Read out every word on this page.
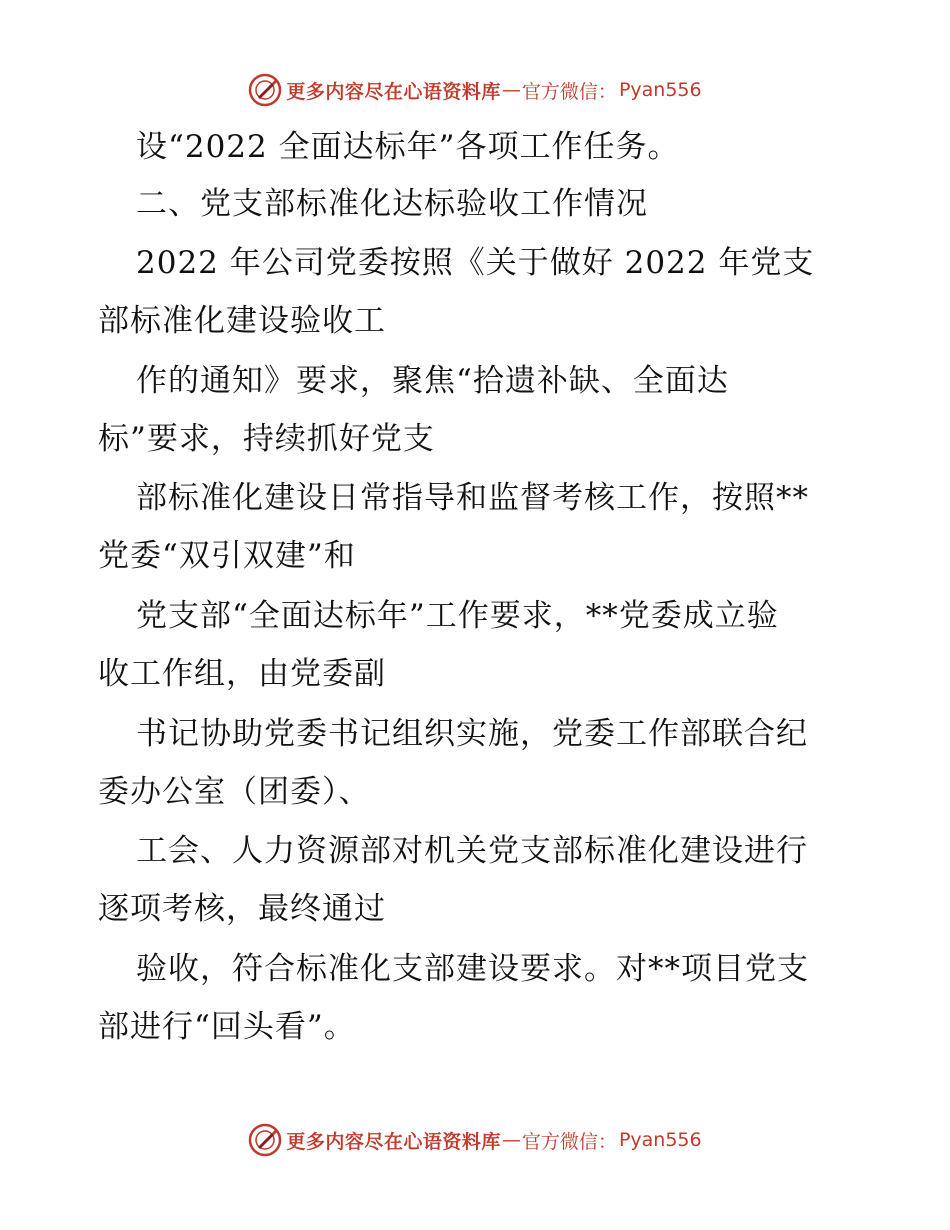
更多内容尽在心语资料库 — 官方微信： Pyan556
设“2022 全面达标年”各项工作任务。
二、党支部标准化达标验收工作情况
2022 年公司党委按照《关于做好 2022 年党支
部标准化建设验收工
作的通知》要求，聚焦“拾遗补缺、全面达
标”要求，持续抓好党支
部标准化建设日常指导和监督考核工作，按照**
党委“双引双建”和
党支部“全面达标年”工作要求，**党委成立验
收工作组，由党委副
书记协助党委书记组织实施，党委工作部联合纪
委办公室（团委）、
工会、人力资源部对机关党支部标准化建设进行
逐项考核，最终通过
验收，符合标准化支部建设要求。对**项目党支
部进行“回头看”。
更多内容尽在心语资料库 — 官方微信： Pyan556
